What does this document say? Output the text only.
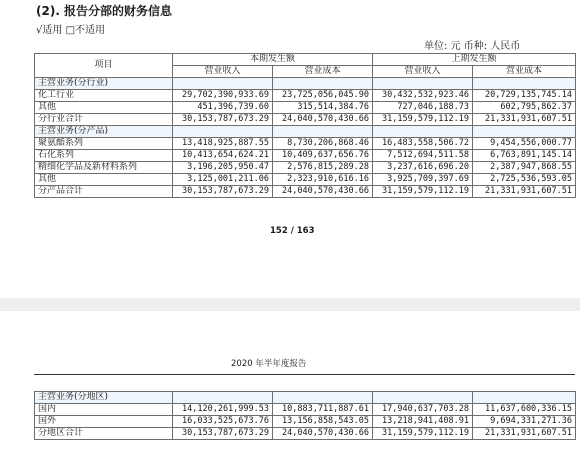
(2). 报告分部的财务信息
√适用 □不适用
单位: 元 币种: 人民币
项目	本期发生额		上期发生额	
	营业收入	营业成本	营业收入	营业成本
主营业务(分行业)				
化工行业	29,702,390,933.69	23,725,056,045.90	30,432,532,923.46	20,729,135,745.14
其他	451,396,739.60	315,514,384.76	727,046,188.73	602,795,862.37
分行业合计	30,153,787,673.29	24,040,570,430.66	31,159,579,112.19	21,331,931,607.51
主营业务(分产品)				
聚氨酯系列	13,418,925,887.55	8,730,206,868.46	16,483,558,506.72	9,454,556,000.77
石化系列	10,413,654,624.21	10,409,637,656.76	7,512,694,511.58	6,763,891,145.14
精细化学品及新材料系列	3,196,205,950.47	2,576,815,289.28	3,237,616,696.20	2,387,947,868.55
其他	3,125,001,211.06	2,323,910,616.16	3,925,709,397.69	2,725,536,593.05
分产品合计	30,153,787,673.29	24,040,570,430.66	31,159,579,112.19	21,331,931,607.51
152 / 163
2020 年半年度报告
主营业务(分地区)				
国内	14,120,261,999.53	10,883,711,887.61	17,940,637,703.28	11,637,600,336.15
国外	16,033,525,673.76	13,156,858,543.05	13,218,941,408.91	9,694,331,271.36
分地区合计	30,153,787,673.29	24,040,570,430.66	31,159,579,112.19	21,331,931,607.51
